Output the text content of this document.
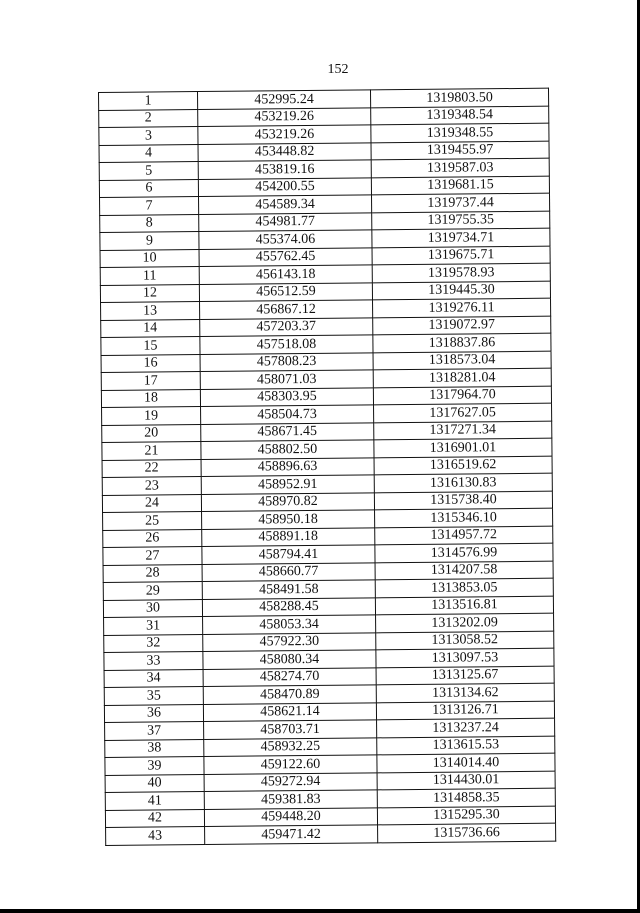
152
1	452995.24	1319803.50
2	453219.26	1319348.54
3	453219.26	1319348.55
4	453448.82	1319455.97
5	453819.16	1319587.03
6	454200.55	1319681.15
7	454589.34	1319737.44
8	454981.77	1319755.35
9	455374.06	1319734.71
10	455762.45	1319675.71
11	456143.18	1319578.93
12	456512.59	1319445.30
13	456867.12	1319276.11
14	457203.37	1319072.97
15	457518.08	1318837.86
16	457808.23	1318573.04
17	458071.03	1318281.04
18	458303.95	1317964.70
19	458504.73	1317627.05
20	458671.45	1317271.34
21	458802.50	1316901.01
22	458896.63	1316519.62
23	458952.91	1316130.83
24	458970.82	1315738.40
25	458950.18	1315346.10
26	458891.18	1314957.72
27	458794.41	1314576.99
28	458660.77	1314207.58
29	458491.58	1313853.05
30	458288.45	1313516.81
31	458053.34	1313202.09
32	457922.30	1313058.52
33	458080.34	1313097.53
34	458274.70	1313125.67
35	458470.89	1313134.62
36	458621.14	1313126.71
37	458703.71	1313237.24
38	458932.25	1313615.53
39	459122.60	1314014.40
40	459272.94	1314430.01
41	459381.83	1314858.35
42	459448.20	1315295.30
43	459471.42	1315736.66
